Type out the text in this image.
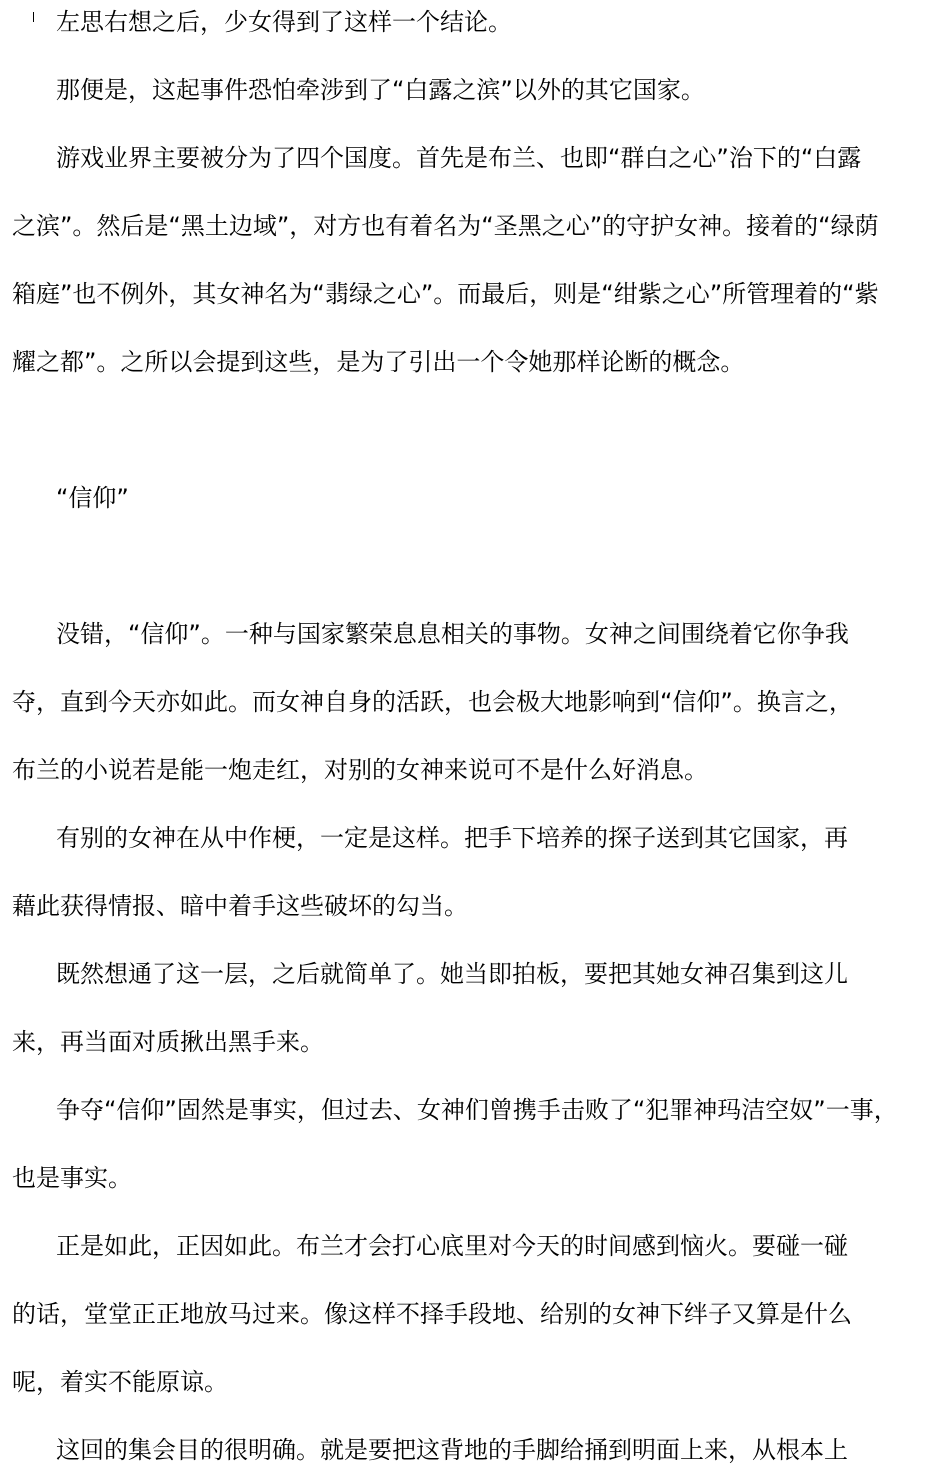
左思右想之后，少女得到了这样一个结论。
那便是，这起事件恐怕牵涉到了“白露之滨”以外的其它国家。
游戏业界主要被分为了四个国度。首先是布兰、也即“群白之心”治下的“白露
之滨”。然后是“黑土边域”，对方也有着名为“圣黑之心”的守护女神。接着的“绿荫
箱庭”也不例外，其女神名为“翡绿之心”。而最后，则是“绀紫之心”所管理着的“紫
耀之都”。之所以会提到这些，是为了引出一个令她那样论断的概念。
“信仰”
没错，“信仰”。一种与国家繁荣息息相关的事物。女神之间围绕着它你争我
夺，直到今天亦如此。而女神自身的活跃，也会极大地影响到“信仰”。换言之，
布兰的小说若是能一炮走红，对别的女神来说可不是什么好消息。
有别的女神在从中作梗，一定是这样。把手下培养的探子送到其它国家，再
藉此获得情报、暗中着手这些破坏的勾当。
既然想通了这一层，之后就简单了。她当即拍板，要把其她女神召集到这儿
来，再当面对质揪出黑手来。
争夺“信仰”固然是事实，但过去、女神们曾携手击败了“犯罪神玛洁空奴”一事，
也是事实。
正是如此，正因如此。布兰才会打心底里对今天的时间感到恼火。要碰一碰
的话，堂堂正正地放马过来。像这样不择手段地、给别的女神下绊子又算是什么
呢，着实不能原谅。
这回的集会目的很明确。就是要把这背地的手脚给捅到明面上来，从根本上
